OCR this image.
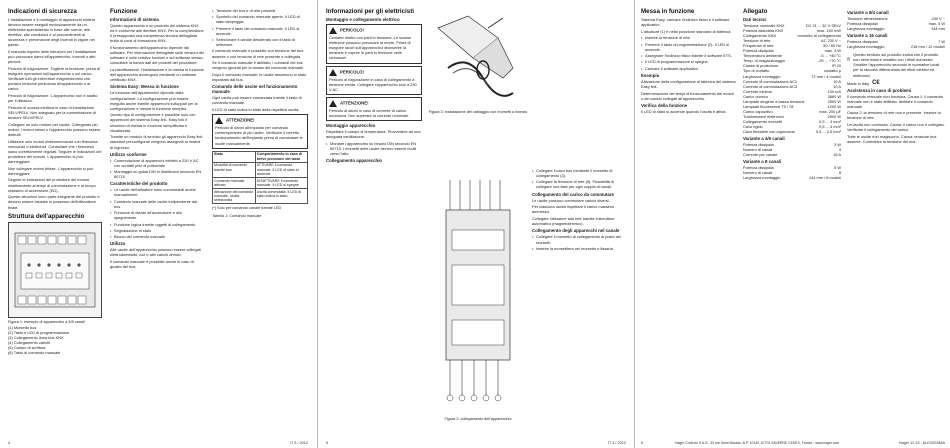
Indicazioni di sicurezza

L'installazione e il montaggio di apparecchi elettrici devono essere eseguiti esclusivamente da un elettricista specializzato in base alle norme, alle direttive, alle condizioni e ai provvedimenti di sicurezza e prevenzione degli incendi in vigore nel paese.

Il mancato rispetto delle istruzioni per l'installazione può provocare danni all'apparecchio, incendi o altri pericoli.

Pericolo di folgorazione. Togliere la tensione, prima di eseguire operazioni sull'apparecchio o sul carico. Verificare tutti gli interruttori magnetotermici che portano tensione pericolosa all'apparecchio o al carico.

Pericolo di folgorazione. L'apparecchio non è adatto per il distacco.

Pericolo di scossa elettrica in caso di installazione SELV/PELV. Non adeguato per la commutazione di tensioni SELV/PELV.

Collegare un solo motore per uscita. Collegando più motori, i motori stessi o l'apparecchio possono essere distrutti.

Utilizzare solo motori elettromeccanici con finecorsa meccanici o elettronici. Controllare che i finecorsa siano correttamente regolati. Seguire le indicazioni del produttore del motore. L'apparecchio si può danneggiare.

Non collegare motori trifase. L'apparecchio si può danneggiare.

Seguire le indicazioni del produttore del motore relativamente ai tempi di commutazione e al tempo massimo di accensione (ED).

Queste istruzioni sono parte integrante del prodotto e devono essere lasciate in possesso dell'utilizzatore finale.

Struttura dell'apparecchio
Figura 1: esempio di apparecchio a 4/8 canali
(1) Morsetto bus
(2) Tasto e LED di programmazione
(3) Collegamento linea bus KNX
(4) Collegamento carichi
(5) Campo di scrittura
(6) Tasto di comando manuale
Funzione
Informazioni di sistema

Questo apparecchio è un prodotto del sistema KNX ed è conforme alle direttive KNX. Per la comprensione è presupposta una competenza tecnica dettagliata frutto di corsi di formazione KNX.

Il funzionamento dell'apparecchio dipende dal software. Per informazioni dettagliate sulle versioni del software e sulle relative funzioni e sul software stesso, consultare la banca dati dei prodotti del produttore.

La pianificazione, l'installazione e la messa in funzione dell'apparecchio avvengono mediante un software certificato KNX.

Sistema Easy: Messa in funzione

La funzione dell'apparecchio dipende dalla configurazione. La configurazione può essere eseguita anche tramite apparecchi sviluppati per la configurazione e messa in funzione semplici.

Questo tipo di configurazione è possibile solo con apparecchi del sistema Easy link. Easy link è sinonimo di messa in funzione semplificata e visualizzata.

Tramite un modulo di servizio gli apparecchi Easy link standard preconfigurati vengono assegnati ai moduli di ingresso.

Utilizzo conforme
• Commutazione di apparecchi elettrici a 230 V AC con contatti privi di potenziale
• Montaggio su guida DIN in distributori secondo EN 60715
Caratteristiche del prodotto
• Le uscite dell'attuatore sono commutabili anche manualmente
• Comando manuale delle uscite indipendente dal bus
• Funzione di ritardo all'accensione e allo spegnimento
• Funzione logica tramite oggetti di collegamento
• Segnalazione di stato
• Blocco del comando manuale
Utilizzo

Alle uscite dell'apparecchio possono essere collegati elettrodomestici, luci e altri carichi ohmici.

Il comando manuale è possibile anche in caso di guasto del bus.

• Tensione del bus e di rete presenti
• Sportello del comando manuale aperto. Il LED di stato lampeggia.
• Premere il tasto del comando manuale. Il LED si accende.
• Selezionare il canale desiderato con il tasto di selezione.

Il comando manuale è possibile con tensione del bus assente o con tensione di rete presente e collegata.

Se il comando manuale è abilitato, i comandi del bus vengono ignorati per la durata del comando manuale.

Dopo il comando manuale, le uscite assumono lo stato impostato dal bus.

Comando delle uscite nel funzionamento manuale

Ogni uscita può essere comandata tramite il tasto di comando manuale.

Il LED di stato indica lo stato della rispettiva uscita.

ATTENZIONE!
Pericolo di danni all'impianto per comando contemporaneo di più uscite. Verificare il corretto funzionamento dell'impianto prima di comandare le uscite manualmente.
Stato	Comportamento in caso di breve pressione del tasto
Modalità di comando tramite bus	ATTIVARE il comando manuale. Il LED di stato si accende.
Comando manuale attivato	DISATTIVARE il comando manuale. Il LED si spegne.
Attivazione del comando manuale, uscita selezionata	Uscita commutata. Il LED di stato indica lo stato.
(*) Solo per comando canale tramite LED
Tabella 1: Comando manuale
4	IT 3 / 2012
Informazioni per gli elettricisti
Montaggio e collegamento elettrico
PERICOLO!
Contatto diretto con parti in tensione. Le scosse elettriche possono provocare la morte. Prima di eseguire lavori sull'apparecchio disinserire la tensione e coprire le parti in tensione nelle vicinanze!
PERICOLO!
Pericolo di folgorazione in caso di collegamento a tensione errata. Collegare l'apparecchio solo a 230 V AC.
ATTENZIONE!
Pericolo di danni in caso di corrente di carico eccessiva. Non superare la corrente nominale.
Montaggio apparecchio

Rispettare il campo di temperatura. Provvedere ad una adeguata ventilazione.

• Montare l'apparecchio su binario DIN secondo EN 60715. I morsetti delle uscite devono essere rivolti verso l'alto.
Collegamento apparecchio
Figura 3: installazione del cablaggio con morsetti a innesto
Figura 2: collegamento dell'apparecchio
• Collegare il cavo bus mediante il morsetto di collegamento (3).
• Collegare la tensione di rete (8). Possibilità di collegare una fase per ogni coppia di canali.
Collegamento del carico da commutare

Le uscite possono commutare carichi diversi.

Per ciascuna uscita rispettare il carico massimo ammesso.

Collegare l'attuatore alla rete tramite interruttore automatico (magnetotermico).

Collegamento degli apparecchi nel canale
• Collegare il morsetto di collegamento al posto dei morsetti.
• Inserire la morsettiera nel morsetto e fissarla.
5	IT 3 / 2012
Messa in funzione

Sistema Easy: caricare l'indirizzo fisico e il software applicativo.

L'attuatore (1) è nella posizione standard di fabbrica.

• Inserire la tensione di rete.
• Premere il tasto di programmazione (2). Il LED si accende.
• Assegnare l'indirizzo fisico tramite il software ETS.
• Il LED di programmazione si spegne.
• Caricare il software applicativo.
Esempio

Attivazione della configurazione di fabbrica del sistema Easy link.

Determinazione dei tempi di funzionamento dei motori o dei carichi collegati all'apparecchio.

Verifica della funzione

Il LED di stato si accende quando l'uscita è attiva.

Allegato
Dati tecnici
Tensione nominale KNX	DC 21 ... 32 V SELV
Potenza assorbita KNX	max. 150 mW
Collegamento KNX	morsetto di collegamento
Tensione di rete	AC 230 V ~
Frequenza di rete	50 / 60 Hz
Potenza dissipata	max. 4 W
Temperatura ambiente	-5 ... +45 °C
Temp. di magazzinaggio	-25 ... +70 °C
Classe di protezione	IP 20
Tipo di contatto	contatto μ
Larghezza montaggio	72 mm / 4 moduli
Corrente di commutazione AC1	16 A
Corrente di commutazione AC3	10 A
Corrente minima	100 mA
Carico ohmico	3680 W
Lampade alogene a bassa tensione	2500 W
Lampade fluorescenti T5 / T8	1200 W
Carico capacitivo	max. 200 μF
Trasformatori elettronici	2500 W
Collegamento morsetti	0,5 ... 4 mm²
Cavo rigido	0,5 ... 4 mm²
Cavo flessibile con capocorda	0,5 ... 2,5 mm²
Variante a 4/6 canali
Potenza dissipata	3 W
Numero di canali	4
Corrente per canale	16 A
Variante a 8 canali
Potenza dissipata	5 W
Numero di canali	8
Larghezza montaggio	144 mm / 8 moduli
Variante a 8/4 canali
Tensione alimentazione	230 V ~
Potenza dissipata	max. 5 W
Larghezza montaggio	144 mm
Variante a 16 canali
Potenza dissipata	7 W
Larghezza montaggio	216 mm / 12 moduli
Questo simbolo sul prodotto indica che il prodotto non deve essere smaltito con i rifiuti domestici. Smaltire l'apparecchio secondo le normative locali per la raccolta differenziata dei rifiuti elettrici ed elettronici.
Made in Italy C€
Assistenza in caso di problemi

Il comando manuale non funziona. Causa 1: il comando manuale non è stato abilitato. Abilitare il comando manuale.

Causa 2: la tensione di rete non è presente. Inserire la tensione di rete.

Un'uscita non commuta. Causa: il carico non è collegato. Verificare il collegamento del carico.

Tutte le uscite non reagiscono. Causa: tensione bus assente. Controllare la tensione del bus.

6	Hager Controls S.A.S., 33 rue Saint-Nicolas, B.P. 10140, 67703 SAVERNE CEDEX, France - www.hager.com	Hager 12.15 - 6LE002288A
